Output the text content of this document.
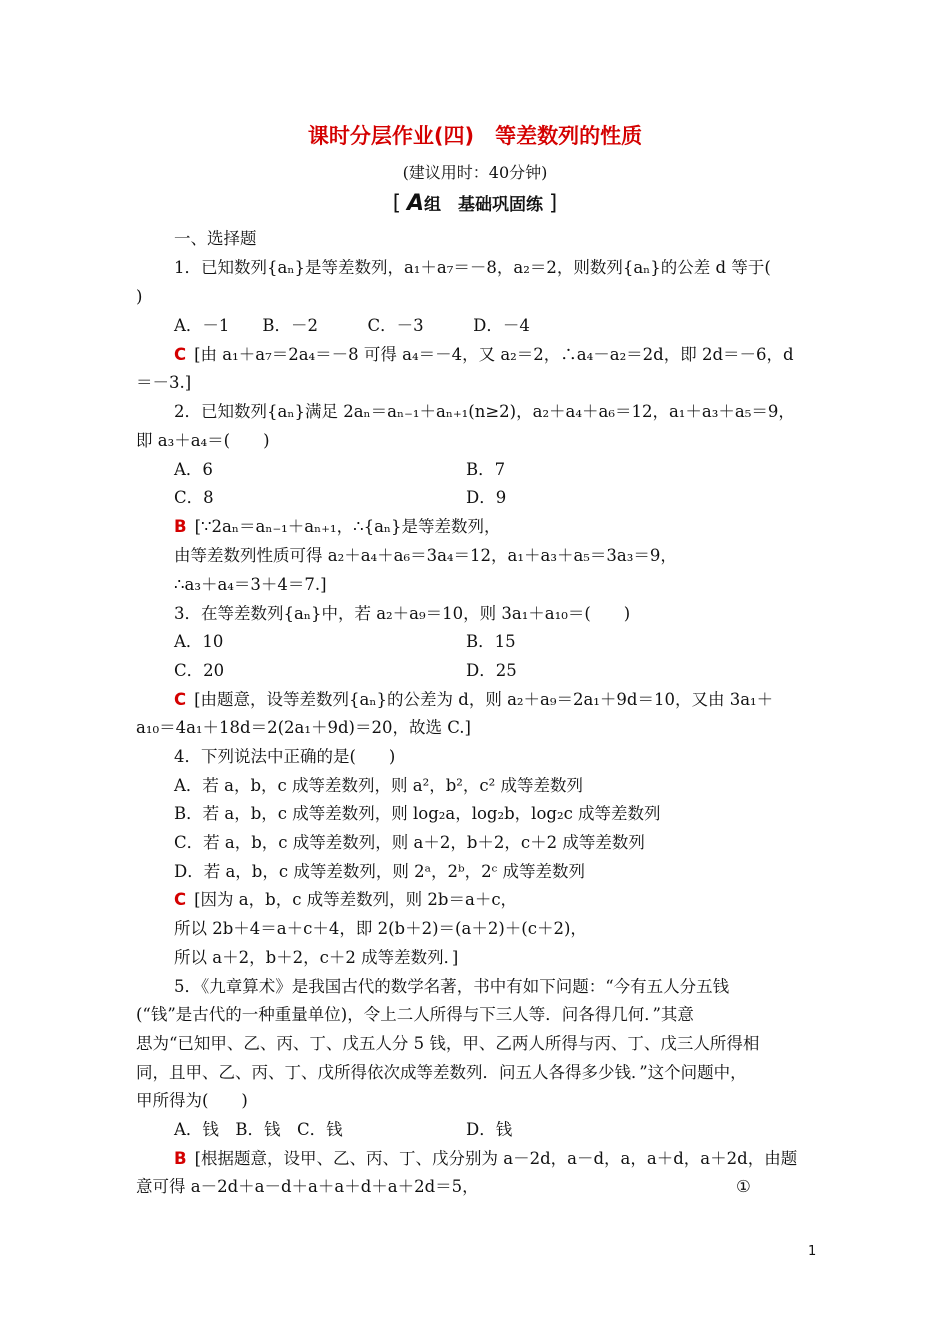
课时分层作业(四)　等差数列的性质
(建议用时：40分钟)
[ A组　基础巩固练 ]
一、选择题
1．已知数列{aₙ}是等差数列，a₁＋a₇＝－8，a₂＝2，则数列{aₙ}的公差 d 等于(
)
A．－1　　B．－2　　　C．－3　　　D．－4
C [由 a₁＋a₇＝2a₄＝－8 可得 a₄＝－4，又 a₂＝2，∴a₄－a₂＝2d，即 2d＝－6，d
＝－3.]
2．已知数列{aₙ}满足 2aₙ＝aₙ₋₁＋aₙ₊₁(n≥2)，a₂＋a₄＋a₆＝12，a₁＋a₃＋a₅＝9，
即 a₃＋a₄＝(　　)
A．6	B．7
C．8	D．9
B [∵2aₙ＝aₙ₋₁＋aₙ₊₁，∴{aₙ}是等差数列，
由等差数列性质可得 a₂＋a₄＋a₆＝3a₄＝12，a₁＋a₃＋a₅＝3a₃＝9，
∴a₃＋a₄＝3＋4＝7.]
3．在等差数列{aₙ}中，若 a₂＋a₉＝10，则 3a₁＋a₁₀＝(　　)
A．10	B．15
C．20	D．25
C [由题意，设等差数列{aₙ}的公差为 d，则 a₂＋a₉＝2a₁＋9d＝10，又由 3a₁＋
a₁₀＝4a₁＋18d＝2(2a₁＋9d)＝20，故选 C.]
4．下列说法中正确的是(　　)
A．若 a，b，c 成等差数列，则 a²，b²，c² 成等差数列
B．若 a，b，c 成等差数列，则 log₂a，log₂b，log₂c 成等差数列
C．若 a，b，c 成等差数列，则 a＋2，b＋2，c＋2 成等差数列
D．若 a，b，c 成等差数列，则 2ᵃ，2ᵇ，2ᶜ 成等差数列
C [因为 a，b，c 成等差数列，则 2b＝a＋c，
所以 2b＋4＝a＋c＋4，即 2(b＋2)＝(a＋2)＋(c＋2)，
所以 a＋2，b＋2，c＋2 成等差数列．]
5．《九章算术》是我国古代的数学名著，书中有如下问题：“今有五人分五钱
(“钱”是古代的一种重量单位)，令上二人所得与下三人等．问各得几何．”其意
思为“已知甲、乙、丙、丁、戊五人分 5 钱，甲、乙两人所得与丙、丁、戊三人所得相
同，且甲、乙、丙、丁、戊所得依次成等差数列．问五人各得多少钱．”这个问题中，
甲所得为(　　)
A．钱　B．钱　C．钱	D．钱
B [根据题意，设甲、乙、丙、丁、戊分别为 a－2d，a－d，a，a＋d，a＋2d，由题
意可得 a－2d＋a－d＋a＋a＋d＋a＋2d＝5，	①
1
